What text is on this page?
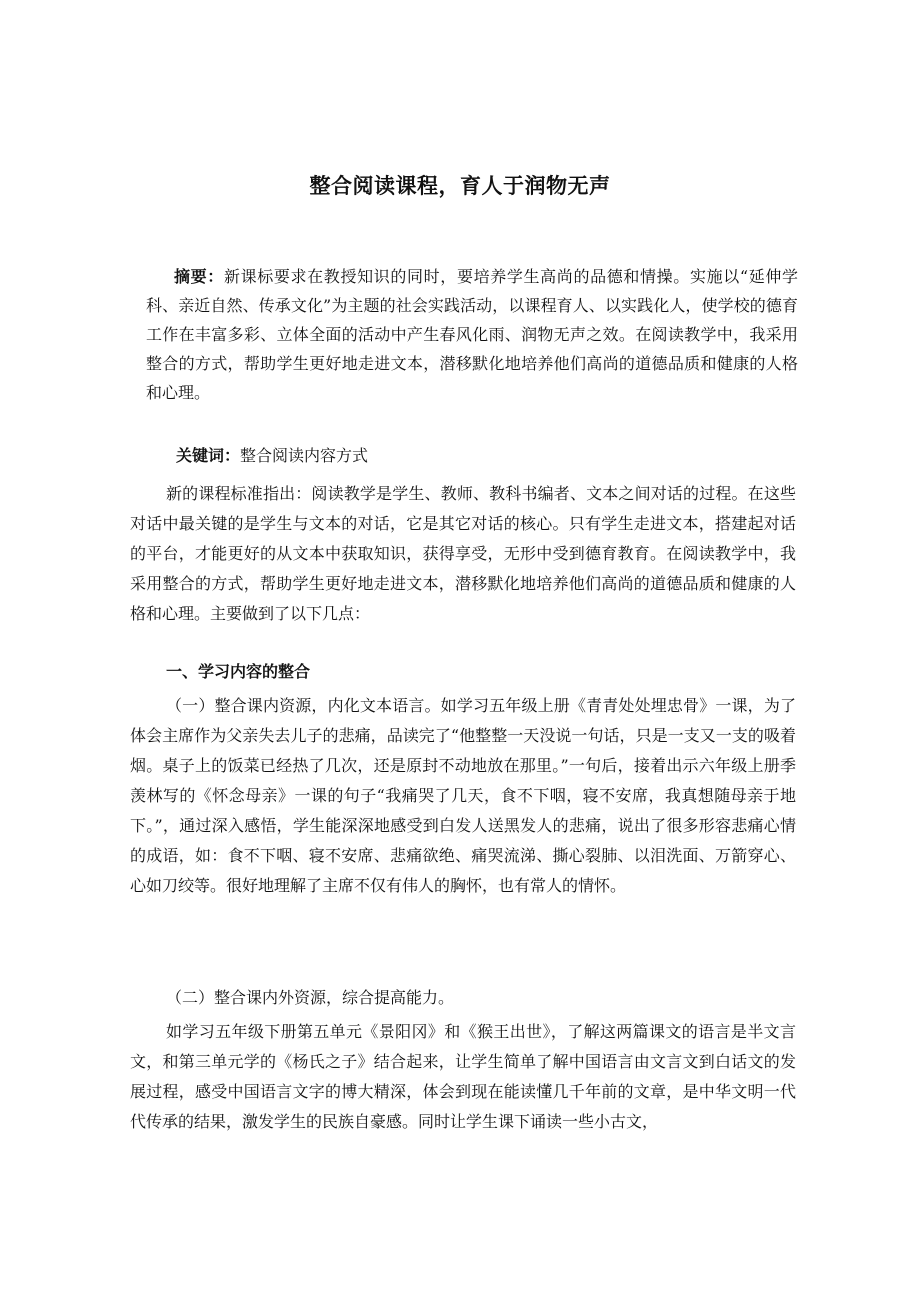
整合阅读课程，育人于润物无声

摘要：新课标要求在教授知识的同时，要培养学生高尚的品德和情操。实施以“延伸学科、亲近自然、传承文化”为主题的社会实践活动，以课程育人、以实践化人，使学校的德育工作在丰富多彩、立体全面的活动中产生春风化雨、润物无声之效。在阅读教学中，我采用整合的方式，帮助学生更好地走进文本，潜移默化地培养他们高尚的道德品质和健康的人格和心理。

关键词：整合阅读内容方式

新的课程标准指出：阅读教学是学生、教师、教科书编者、文本之间对话的过程。在这些对话中最关键的是学生与文本的对话，它是其它对话的核心。只有学生走进文本，搭建起对话的平台，才能更好的从文本中获取知识，获得享受，无形中受到德育教育。在阅读教学中，我采用整合的方式，帮助学生更好地走进文本，潜移默化地培养他们高尚的道德品质和健康的人格和心理。主要做到了以下几点：

一、学习内容的整合

（一）整合课内资源，内化文本语言。如学习五年级上册《青青处处埋忠骨》一课，为了体会主席作为父亲失去儿子的悲痛，品读完了“他整整一天没说一句话，只是一支又一支的吸着烟。桌子上的饭菜已经热了几次，还是原封不动地放在那里。”一句后，接着出示六年级上册季羡林写的《怀念母亲》一课的句子“我痛哭了几天，食不下咽，寝不安席，我真想随母亲于地下。”，通过深入感悟，学生能深深地感受到白发人送黑发人的悲痛，说出了很多形容悲痛心情的成语，如：食不下咽、寝不安席、悲痛欲绝、痛哭流涕、撕心裂肺、以泪洗面、万箭穿心、心如刀绞等。很好地理解了主席不仅有伟人的胸怀，也有常人的情怀。

（二）整合课内外资源，综合提高能力。

如学习五年级下册第五单元《景阳冈》和《猴王出世》，了解这两篇课文的语言是半文言文，和第三单元学的《杨氏之子》结合起来，让学生简单了解中国语言由文言文到白话文的发展过程，感受中国语言文字的博大精深，体会到现在能读懂几千年前的文章，是中华文明一代代传承的结果，激发学生的民族自豪感。同时让学生课下诵读一些小古文，
